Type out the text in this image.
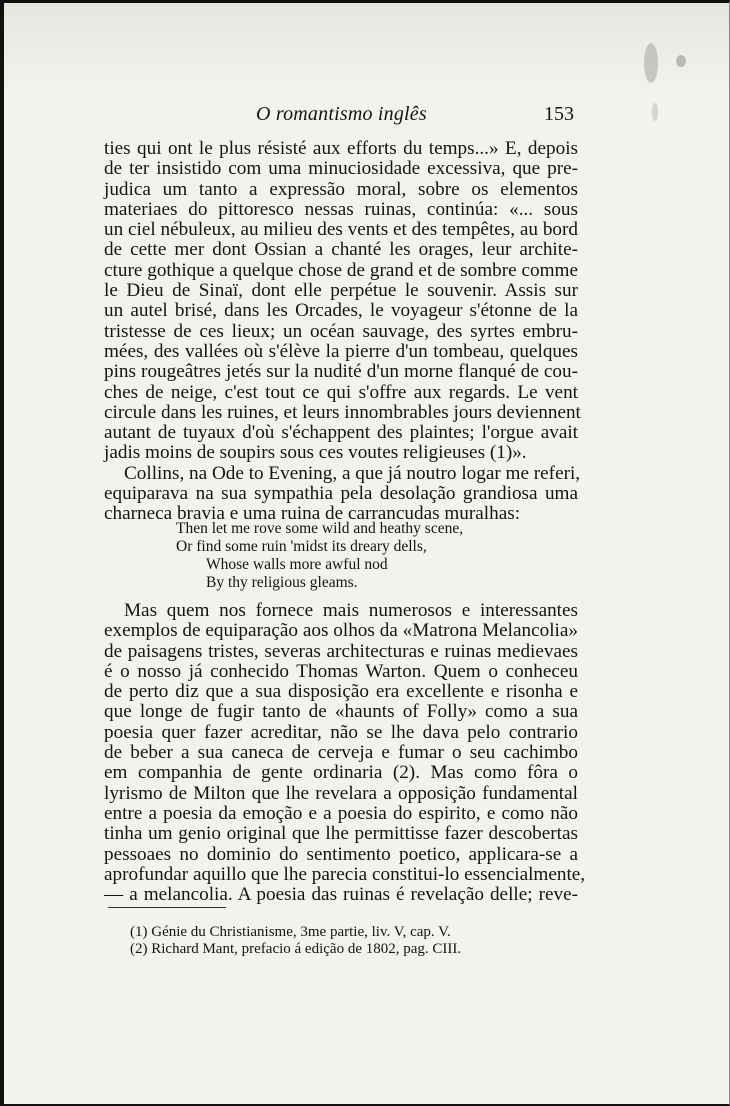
O romantismo inglês	153
ties qui ont le plus résisté aux efforts du temps...» E, depois
de ter insistido com uma minuciosidade excessiva, que pre-
judica um tanto a expressão moral, sobre os elementos
materiaes do pittoresco nessas ruinas, continúa: «... sous
un ciel nébuleux, au milieu des vents et des tempêtes, au bord
de cette mer dont Ossian a chanté les orages, leur archite-
cture gothique a quelque chose de grand et de sombre comme
le Dieu de Sinaï, dont elle perpétue le souvenir. Assis sur
un autel brisé, dans les Orcades, le voyageur s'étonne de la
tristesse de ces lieux; un océan sauvage, des syrtes embru-
mées, des vallées où s'élève la pierre d'un tombeau, quelques
pins rougeâtres jetés sur la nudité d'un morne flanqué de cou-
ches de neige, c'est tout ce qui s'offre aux regards. Le vent
circule dans les ruines, et leurs innombrables jours deviennent
autant de tuyaux d'où s'échappent des plaintes; l'orgue avait
jadis moins de soupirs sous ces voutes religieuses (1)».
Collins, na Ode to Evening, a que já noutro logar me referi,
equiparava na sua sympathia pela desolação grandiosa uma
charneca bravia e uma ruina de carrancudas muralhas:
Then let me rove some wild and heathy scene,
Or find some ruin 'midst its dreary dells,
Whose walls more awful nod
By thy religious gleams.
Mas quem nos fornece mais numerosos e interessantes
exemplos de equiparação aos olhos da «Matrona Melancolia»
de paisagens tristes, severas architecturas e ruinas medievaes
é o nosso já conhecido Thomas Warton. Quem o conheceu
de perto diz que a sua disposição era excellente e risonha e
que longe de fugir tanto de «haunts of Folly» como a sua
poesia quer fazer acreditar, não se lhe dava pelo contrario
de beber a sua caneca de cerveja e fumar o seu cachimbo
em companhia de gente ordinaria (2). Mas como fôra o
lyrismo de Milton que lhe revelara a opposição fundamental
entre a poesia da emoção e a poesia do espirito, e como não
tinha um genio original que lhe permittisse fazer descobertas
pessoaes no dominio do sentimento poetico, applicara-se a
aprofundar aquillo que lhe parecia constitui-lo essencialmente,
— a melancolia. A poesia das ruinas é revelação delle; reve-
(1) Génie du Christianisme, 3me partie, liv. V, cap. V.
(2) Richard Mant, prefacio á edição de 1802, pag. CIII.
